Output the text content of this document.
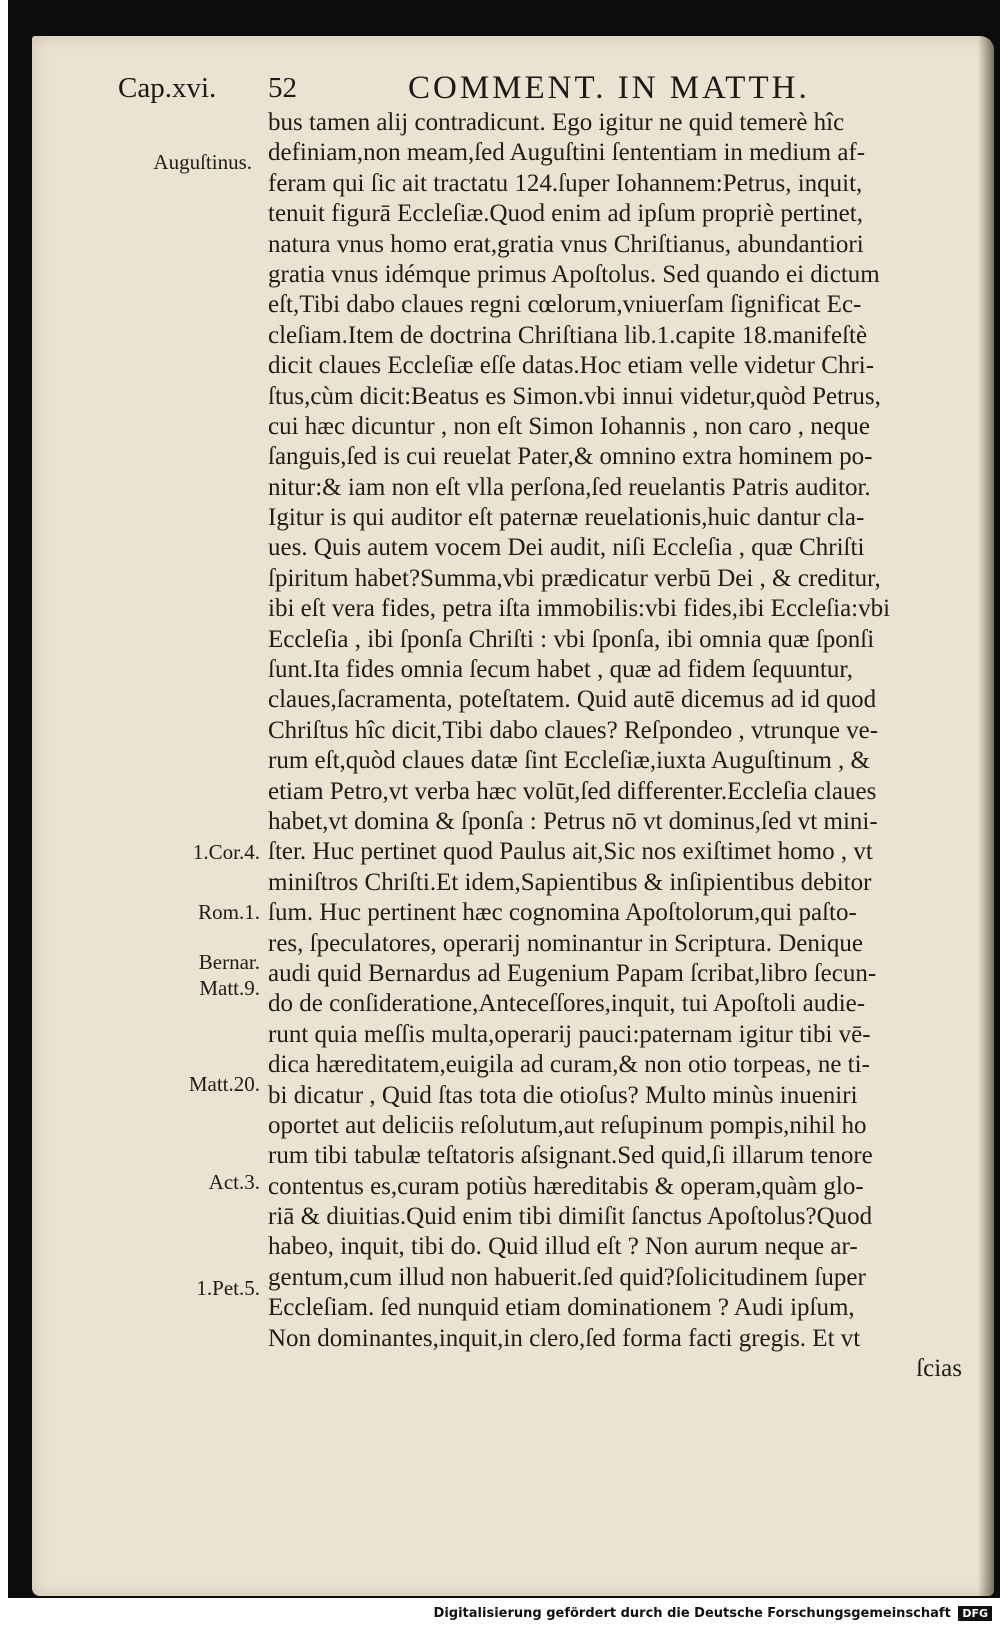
Cap.xvi. 52	COMMENT. IN MATTH.
Auguſtinus.
1.Cor.4.
Rom.1.
Bernar.
Matt.9.
Matt.20.
Act.3.
1.Pet.5.
bus tamen alij contradicunt. Ego igitur ne quid temerè hîc
definiam,non meam,ſed Auguſtini ſententiam in medium af-
feram qui ſic ait tractatu 124.ſuper Iohannem:Petrus, inquit,
tenuit figurā Eccleſiæ.Quod enim ad ipſum propriè pertinet,
natura vnus homo erat,gratia vnus Chriſtianus, abundantiori
gratia vnus idémque primus Apoſtolus. Sed quando ei dictum
eſt,Tibi dabo claues regni cœlorum,vniuerſam ſignificat Ec-
cleſiam.Item de doctrina Chriſtiana lib.1.capite 18.manifeſtè
dicit claues Eccleſiæ eſſe datas.Hoc etiam velle videtur Chri-
ſtus,cùm dicit:Beatus es Simon.vbi innui videtur,quòd Petrus,
cui hæc dicuntur , non eſt Simon Iohannis , non caro , neque
ſanguis,ſed is cui reuelat Pater,& omnino extra hominem po-
nitur:& iam non eſt vlla perſona,ſed reuelantis Patris auditor.
Igitur is qui auditor eſt paternæ reuelationis,huic dantur cla-
ues. Quis autem vocem Dei audit, niſi Eccleſia , quæ Chriſti
ſpiritum habet?Summa,vbi prædicatur verbū Dei , & creditur,
ibi eſt vera fides, petra iſta immobilis:vbi fides,ibi Eccleſia:vbi
Eccleſia , ibi ſponſa Chriſti : vbi ſponſa, ibi omnia quæ ſponſi
ſunt.Ita fides omnia ſecum habet , quæ ad fidem ſequuntur,
claues,ſacramenta, poteſtatem. Quid autē dicemus ad id quod
Chriſtus hîc dicit,Tibi dabo claues? Reſpondeo , vtrunque ve-
rum eſt,quòd claues datæ ſint Eccleſiæ,iuxta Auguſtinum , &
etiam Petro,vt verba hæc volūt,ſed differenter.Eccleſia claues
habet,vt domina & ſponſa : Petrus nō vt dominus,ſed vt mini-
ſter. Huc pertinet quod Paulus ait,Sic nos exiſtimet homo , vt
miniſtros Chriſti.Et idem,Sapientibus & inſipientibus debitor
ſum. Huc pertinent hæc cognomina Apoſtolorum,qui paſto-
res, ſpeculatores, operarij nominantur in Scriptura. Denique
audi quid Bernardus ad Eugenium Papam ſcribat,libro ſecun-
do de conſideratione,Anteceſſores,inquit, tui Apoſtoli audie-
runt quia meſſis multa,operarij pauci:paternam igitur tibi vē-
dica hæreditatem,euigila ad curam,& non otio torpeas, ne ti-
bi dicatur , Quid ſtas tota die otioſus? Multo minùs inueniri
oportet aut deliciis reſolutum,aut reſupinum pompis,nihil ho
rum tibi tabulæ teſtatoris aſsignant.Sed quid,ſi illarum tenore
contentus es,curam potiùs hæreditabis & operam,quàm glo-
riā & diuitias.Quid enim tibi dimiſit ſanctus Apoſtolus?Quod
habeo, inquit, tibi do. Quid illud eſt ? Non aurum neque ar-
gentum,cum illud non habuerit.ſed quid?ſolicitudinem ſuper
Eccleſiam. ſed nunquid etiam dominationem ? Audi ipſum,
Non dominantes,inquit,in clero,ſed forma facti gregis. Et vt
ſcias
Digitalisierung gefördert durch die Deutsche Forschungsgemeinschaft DFG
